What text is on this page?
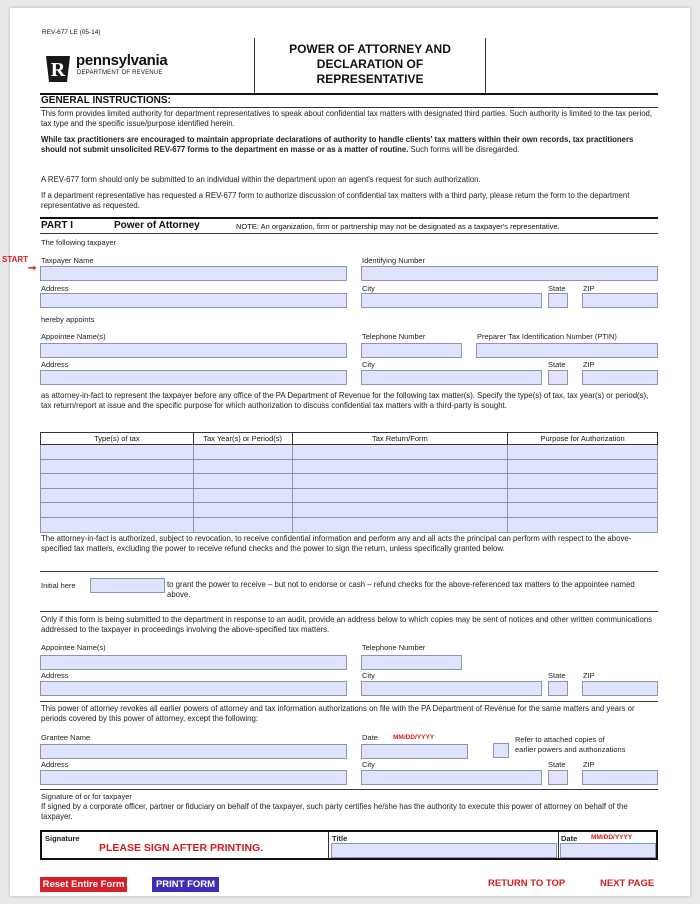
REV-677 LE (05-14)
R pennsylvania
DEPARTMENT OF REVENUE
POWER OF ATTORNEY AND
DECLARATION OF
REPRESENTATIVE
GENERAL INSTRUCTIONS:
This form provides limited authority for department representatives to speak about confidential tax matters with designated third parties. Such authority is limited to the tax period, tax type and the specific issue/purpose identified herein.
While tax practitioners are encouraged to maintain appropriate declarations of authority to handle clients' tax matters within their own records, tax practitioners should not submit unsolicited REV-677 forms to the department en masse or as a matter of routine. Such forms will be disregarded.
A REV-677 form should only be submitted to an individual within the department upon an agent's request for such authorization.
If a department representative has requested a REV-677 form to authorize discussion of confidential tax matters with a third party, please return the form to the department representative as requested.
PART I	Power of Attorney	NOTE: An organization, firm or partnership may not be designated as a taxpayer's representative.
The following taxpayer
START
➞
Taxpayer Name	Identifying Number
Address	City	State ZIP
hereby appoints
Appointee Name(s)	Telephone Number	Preparer Tax Identification Number (PTIN)
Address	City	State ZIP
as attorney-in-fact to represent the taxpayer before any office of the PA Department of Revenue for the following tax matter(s). Specify the type(s) of tax, tax year(s) or period(s), tax return/report at issue and the specific purpose for which authorization to discuss confidential tax matters with a third-party is sought.
Type(s) of tax	Tax Year(s) or Period(s)	Tax Return/Form	Purpose for Authorization

The attorney-in-fact is authorized, subject to revocation, to receive confidential information and perform any and all acts the principal can perform with respect to the above-specified tax matters, excluding the power to receive refund checks and the power to sign the return, unless specifically granted below.
Initial here	to grant the power to receive – but not to endorse or cash – refund checks for the above-referenced tax matters to the appointee named above.
Only if this form is being submitted to the department in response to an audit, provide an address below to which copies may be sent of notices and other written communications addressed to the taxpayer in proceedings involving the above-specified tax matters.
Appointee Name(s)	Telephone Number
Address	City	State ZIP
This power of attorney revokes all earlier powers of attorney and tax information authorizations on file with the PA Department of Revenue for the same matters and years or periods covered by this power of attorney, except the following:
Grantee Name	Date MM/DD/YYYY	Refer to attached copies of
earlier powers and authorizations
Address	City	State ZIP
Signature of or for taxpayer
If signed by a corporate officer, partner or fiduciary on behalf of the taxpayer, such party certifies he/she has the authority to execute this power of attorney on behalf of the taxpayer.
Signature
PLEASE SIGN AFTER PRINTING.
Title	Date MM/DD/YYYY
Reset Entire Form	PRINT FORM	RETURN TO TOP	NEXT PAGE
